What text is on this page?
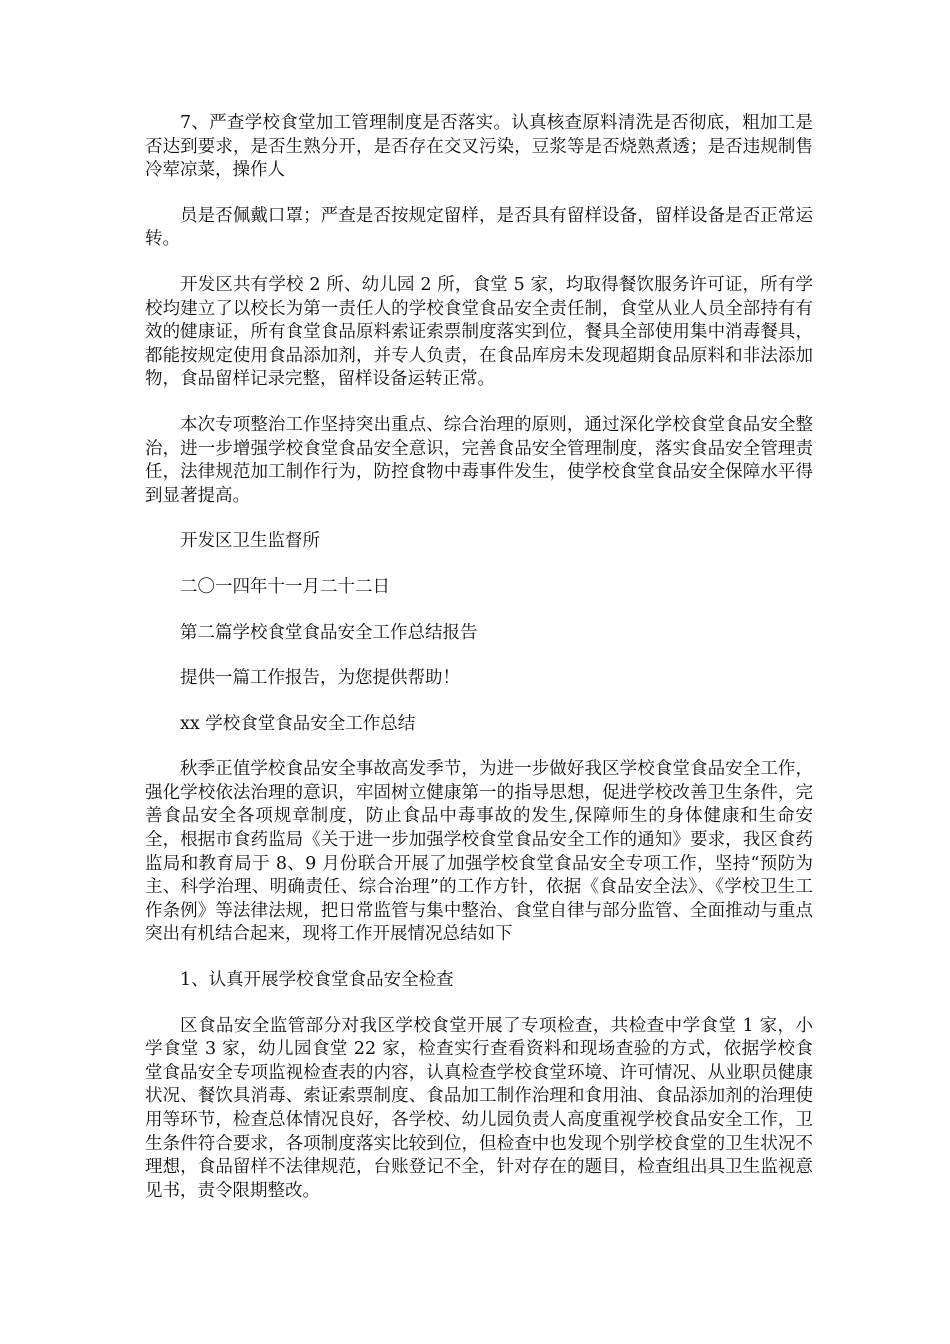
7、严查学校食堂加工管理制度是否落实。认真核查原料清洗是否彻底，粗加工是否达到要求，是否生熟分开，是否存在交叉污染，豆浆等是否烧熟煮透；是否违规制售冷荤凉菜，操作人

员是否佩戴口罩；严查是否按规定留样，是否具有留样设备，留样设备是否正常运转。

开发区共有学校 2 所、幼儿园 2 所，食堂 5 家，均取得餐饮服务许可证，所有学校均建立了以校长为第一责任人的学校食堂食品安全责任制，食堂从业人员全部持有有效的健康证，所有食堂食品原料索证索票制度落实到位，餐具全部使用集中消毒餐具，都能按规定使用食品添加剂，并专人负责，在食品库房未发现超期食品原料和非法添加物，食品留样记录完整，留样设备运转正常。

本次专项整治工作坚持突出重点、综合治理的原则，通过深化学校食堂食品安全整治，进一步增强学校食堂食品安全意识，完善食品安全管理制度，落实食品安全管理责任，法律规范加工制作行为，防控食物中毒事件发生，使学校食堂食品安全保障水平得到显著提高。

开发区卫生监督所

二〇一四年十一月二十二日

第二篇学校食堂食品安全工作总结报告

提供一篇工作报告，为您提供帮助！

xx 学校食堂食品安全工作总结

秋季正值学校食品安全事故高发季节，为进一步做好我区学校食堂食品安全工作，强化学校依法治理的意识，牢固树立健康第一的指导思想，促进学校改善卫生条件，完善食品安全各项规章制度，防止食品中毒事故的发生,保障师生的身体健康和生命安全，根据市食药监局《关于进一步加强学校食堂食品安全工作的通知》要求，我区食药监局和教育局于 8、9 月份联合开展了加强学校食堂食品安全专项工作，坚持“预防为主、科学治理、明确责任、综合治理”的工作方针，依据《食品安全法》、《学校卫生工作条例》等法律法规，把日常监管与集中整治、食堂自律与部分监管、全面推动与重点突出有机结合起来，现将工作开展情况总结如下

1、认真开展学校食堂食品安全检查

区食品安全监管部分对我区学校食堂开展了专项检查，共检查中学食堂 1 家，小学食堂 3 家，幼儿园食堂 22 家，检查实行查看资料和现场查验的方式，依据学校食堂食品安全专项监视检查表的内容，认真检查学校食堂环境、许可情况、从业职员健康状况、餐饮具消毒、索证索票制度、食品加工制作治理和食用油、食品添加剂的治理使用等环节，检查总体情况良好，各学校、幼儿园负责人高度重视学校食品安全工作，卫生条件符合要求，各项制度落实比较到位，但检查中也发现个别学校食堂的卫生状况不理想，食品留样不法律规范，台账登记不全，针对存在的题目，检查组出具卫生监视意见书，责令限期整改。
